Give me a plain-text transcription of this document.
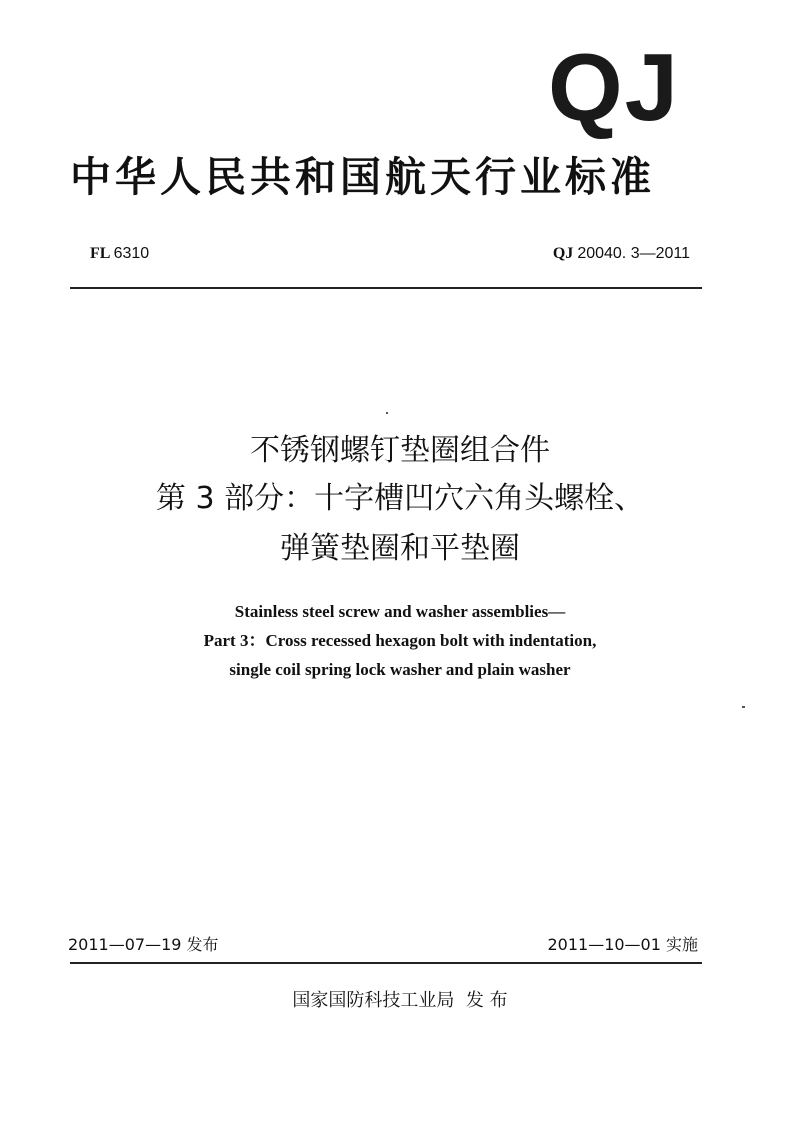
QJ
中华人民共和国航天行业标准
FL 6310	QJ 20040. 3—2011
不锈钢螺钉垫圈组合件
第 3 部分：十字槽凹穴六角头螺栓、
弹簧垫圈和平垫圈
Stainless steel screw and washer assemblies—
Part 3：Cross recessed hexagon bolt with indentation,
single coil spring lock washer and plain washer
2011—07—19 发布	2011—10—01 实施
国家国防科技工业局  发 布
